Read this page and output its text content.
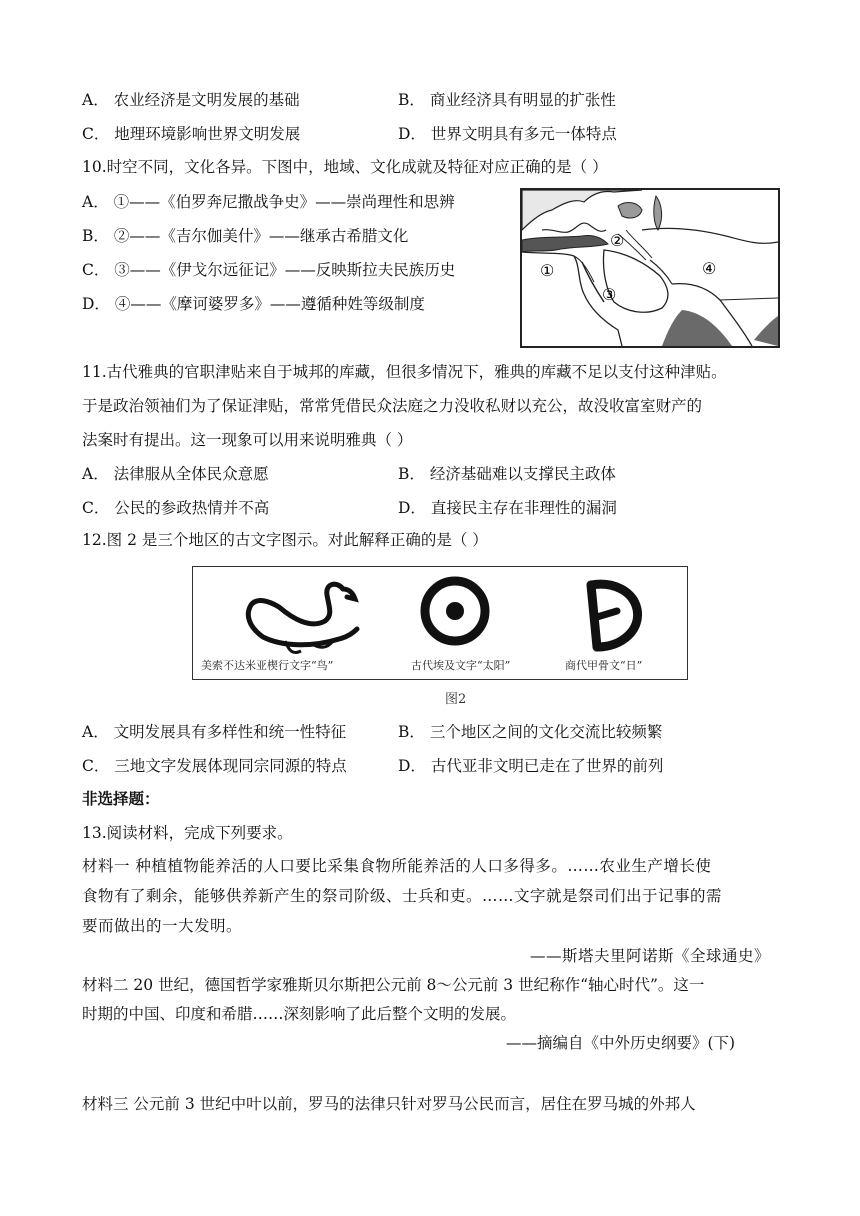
A． 农业经济是文明发展的基础	B． 商业经济具有明显的扩张性
C． 地理环境影响世界文明发展	D． 世界文明具有多元一体特点
10.时空不同，文化各异。下图中，地域、文化成就及特征对应正确的是（ ）
A． ①——《伯罗奔尼撒战争史》——崇尚理性和思辨
B． ②——《吉尔伽美什》——继承古希腊文化
C． ③——《伊戈尔远征记》——反映斯拉夫民族历史
D． ④——《摩诃婆罗多》——遵循种姓等级制度
①
②
③
④
11.古代雅典的官职津贴来自于城邦的库藏，但很多情况下，雅典的库藏不足以支付这种津贴。
于是政治领袖们为了保证津贴，常常凭借民众法庭之力没收私财以充公，故没收富室财产的
法案时有提出。这一现象可以用来说明雅典（ ）
A． 法律服从全体民众意愿	B． 经济基础难以支撑民主政体
C． 公民的参政热情并不高	D． 直接民主存在非理性的漏洞
12.图 2 是三个地区的古文字图示。对此解释正确的是（ ）
美索不达米亚楔行文字“鸟”	古代埃及文字“太阳”	商代甲骨文“日”
图2
A． 文明发展具有多样性和统一性特征	B． 三个地区之间的文化交流比较频繁
C． 三地文字发展体现同宗同源的特点	D． 古代亚非文明已走在了世界的前列
非选择题：
13.阅读材料，完成下列要求。
材料一 种植植物能养活的人口要比采集食物所能养活的人口多得多。……农业生产增长使
食物有了剩余，能够供养新产生的祭司阶级、士兵和吏。……文字就是祭司们出于记事的需
要而做出的一大发明。
——斯塔夫里阿诺斯《全球通史》
材料二 20 世纪，德国哲学家雅斯贝尔斯把公元前 8～公元前 3 世纪称作“轴心时代”。这一
时期的中国、印度和希腊……深刻影响了此后整个文明的发展。
——摘编自《中外历史纲要》(下)
材料三 公元前 3 世纪中叶以前，罗马的法律只针对罗马公民而言，居住在罗马城的外邦人
